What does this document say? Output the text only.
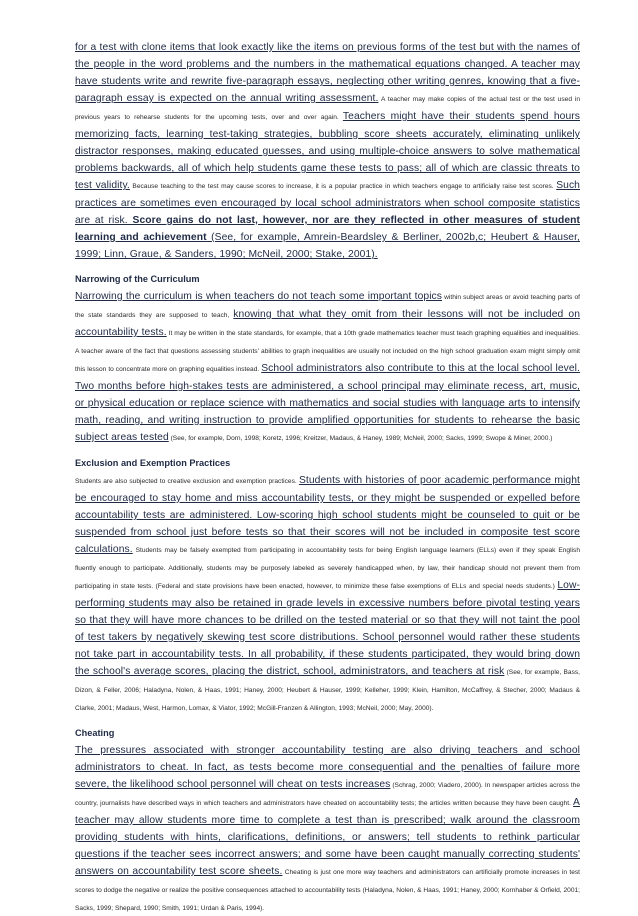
for a test with clone items that look exactly like the items on previous forms of the test but with the names of the people in the word problems and the numbers in the mathematical equations changed. A teacher may have students write and rewrite five-paragraph essays, neglecting other writing genres, knowing that a five-paragraph essay is expected on the annual writing assessment. A teacher may make copies of the actual test or the test used in previous years to rehearse students for the upcoming tests, over and over again. Teachers might have their students spend hours memorizing facts, learning test-taking strategies, bubbling score sheets accurately, eliminating unlikely distractor responses, making educated guesses, and using multiple-choice answers to solve mathematical problems backwards, all of which help students game these tests to pass; all of which are classic threats to test validity. Because teaching to the test may cause scores to increase, it is a popular practice in which teachers engage to artificially raise test scores. Such practices are sometimes even encouraged by local school administrators when school composite statistics are at risk. Score gains do not last, however, nor are they reflected in other measures of student learning and achievement (See, for example, Amrein-Beardsley & Berliner, 2002b,c; Heubert & Hauser, 1999; Linn, Graue, & Sanders, 1990; McNeil, 2000; Stake, 2001).

Narrowing of the Curriculum

Narrowing the curriculum is when teachers do not teach some important topics within subject areas or avoid teaching parts of the state standards they are supposed to teach, knowing that what they omit from their lessons will not be included on accountability tests. It may be written in the state standards, for example, that a 10th grade mathematics teacher must teach graphing equalities and inequalities. A teacher aware of the fact that questions assessing students' abilities to graph inequalities are usually not included on the high school graduation exam might simply omit this lesson to concentrate more on graphing equalities instead. School administrators also contribute to this at the local school level. Two months before high-stakes tests are administered, a school principal may eliminate recess, art, music, or physical education or replace science with mathematics and social studies with language arts to intensify math, reading, and writing instruction to provide amplified opportunities for students to rehearse the basic subject areas tested (See, for example, Dorn, 1998; Koretz, 1996; Kreitzer, Madaus, & Haney, 1989; McNeil, 2000; Sacks, 1999; Swope & Miner, 2000.)

Exclusion and Exemption Practices

Students are also subjected to creative exclusion and exemption practices. Students with histories of poor academic performance might be encouraged to stay home and miss accountability tests, or they might be suspended or expelled before accountability tests are administered. Low-scoring high school students might be counseled to quit or be suspended from school just before tests so that their scores will not be included in composite test score calculations. Students may be falsely exempted from participating in accountability tests for being English language learners (ELLs) even if they speak English fluently enough to participate. Additionally, students may be purposely labeled as severely handicapped when, by law, their handicap should not prevent them from participating in state tests. (Federal and state provisions have been enacted, however, to minimize these false exemptions of ELLs and special needs students.) Low-performing students may also be retained in grade levels in excessive numbers before pivotal testing years so that they will have more chances to be drilled on the tested material or so that they will not taint the pool of test takers by negatively skewing test score distributions. School personnel would rather these students not take part in accountability tests. In all probability, if these students participated, they would bring down the school's average scores, placing the district, school, administrators, and teachers at risk (See, for example, Bass, Dizon, & Feller, 2006; Haladyna, Nolen, & Haas, 1991; Haney, 2000; Heubert & Hauser, 1999; Kelleher, 1999; Klein, Hamilton, McCaffrey, & Stecher, 2000; Madaus & Clarke, 2001; Madaus, West, Harmon, Lomax, & Viator, 1992; McGill-Franzen & Allington, 1993; McNeil, 2000; May, 2000).

Cheating

The pressures associated with stronger accountability testing are also driving teachers and school administrators to cheat. In fact, as tests become more consequential and the penalties of failure more severe, the likelihood school personnel will cheat on tests increases (Schrag, 2000; Viadero, 2000). In newspaper articles across the country, journalists have described ways in which teachers and administrators have cheated on accountability tests; the articles written because they have been caught. A teacher may allow students more time to complete a test than is prescribed; walk around the classroom providing students with hints, clarifications, definitions, or answers; tell students to rethink particular questions if the teacher sees incorrect answers; and some have been caught manually correcting students' answers on accountability test score sheets. Cheating is just one more way teachers and administrators can artificially promote increases in test scores to dodge the negative or realize the positive consequences attached to accountability tests (Haladyna, Nolen, & Haas, 1991; Haney, 2000; Kornhaber & Orfield, 2001; Sacks, 1999; Shepard, 1990; Smith, 1991; Urdan & Paris, 1994).
